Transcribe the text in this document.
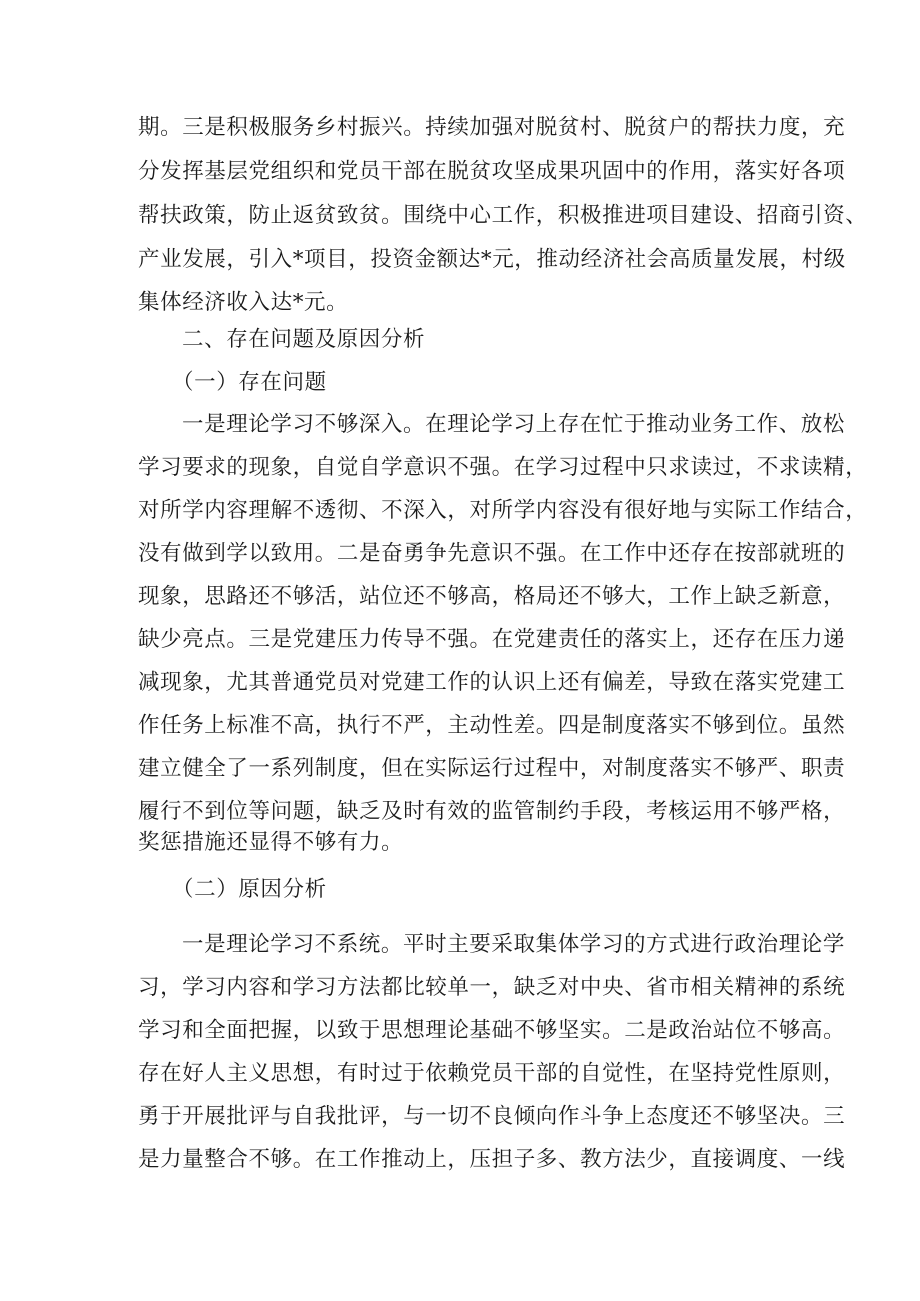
期。三是积极服务乡村振兴。持续加强对脱贫村、脱贫户的帮扶力度，充
分发挥基层党组织和党员干部在脱贫攻坚成果巩固中的作用，落实好各项
帮扶政策，防止返贫致贫。围绕中心工作，积极推进项目建设、招商引资、
产业发展，引入*项目，投资金额达*元，推动经济社会高质量发展，村级
集体经济收入达*元。
二、存在问题及原因分析
（一）存在问题
一是理论学习不够深入。在理论学习上存在忙于推动业务工作、放松
学习要求的现象，自觉自学意识不强。在学习过程中只求读过，不求读精，
对所学内容理解不透彻、不深入，对所学内容没有很好地与实际工作结合，
没有做到学以致用。二是奋勇争先意识不强。在工作中还存在按部就班的
现象，思路还不够活，站位还不够高，格局还不够大，工作上缺乏新意，
缺少亮点。三是党建压力传导不强。在党建责任的落实上，还存在压力递
减现象，尤其普通党员对党建工作的认识上还有偏差，导致在落实党建工
作任务上标准不高，执行不严，主动性差。四是制度落实不够到位。虽然
建立健全了一系列制度，但在实际运行过程中，对制度落实不够严、职责
履行不到位等问题，缺乏及时有效的监管制约手段，考核运用不够严格，
奖惩措施还显得不够有力。
（二）原因分析
一是理论学习不系统。平时主要采取集体学习的方式进行政治理论学
习，学习内容和学习方法都比较单一，缺乏对中央、省市相关精神的系统
学习和全面把握，以致于思想理论基础不够坚实。二是政治站位不够高。
存在好人主义思想，有时过于依赖党员干部的自觉性，在坚持党性原则，
勇于开展批评与自我批评，与一切不良倾向作斗争上态度还不够坚决。三
是力量整合不够。在工作推动上，压担子多、教方法少，直接调度、一线
